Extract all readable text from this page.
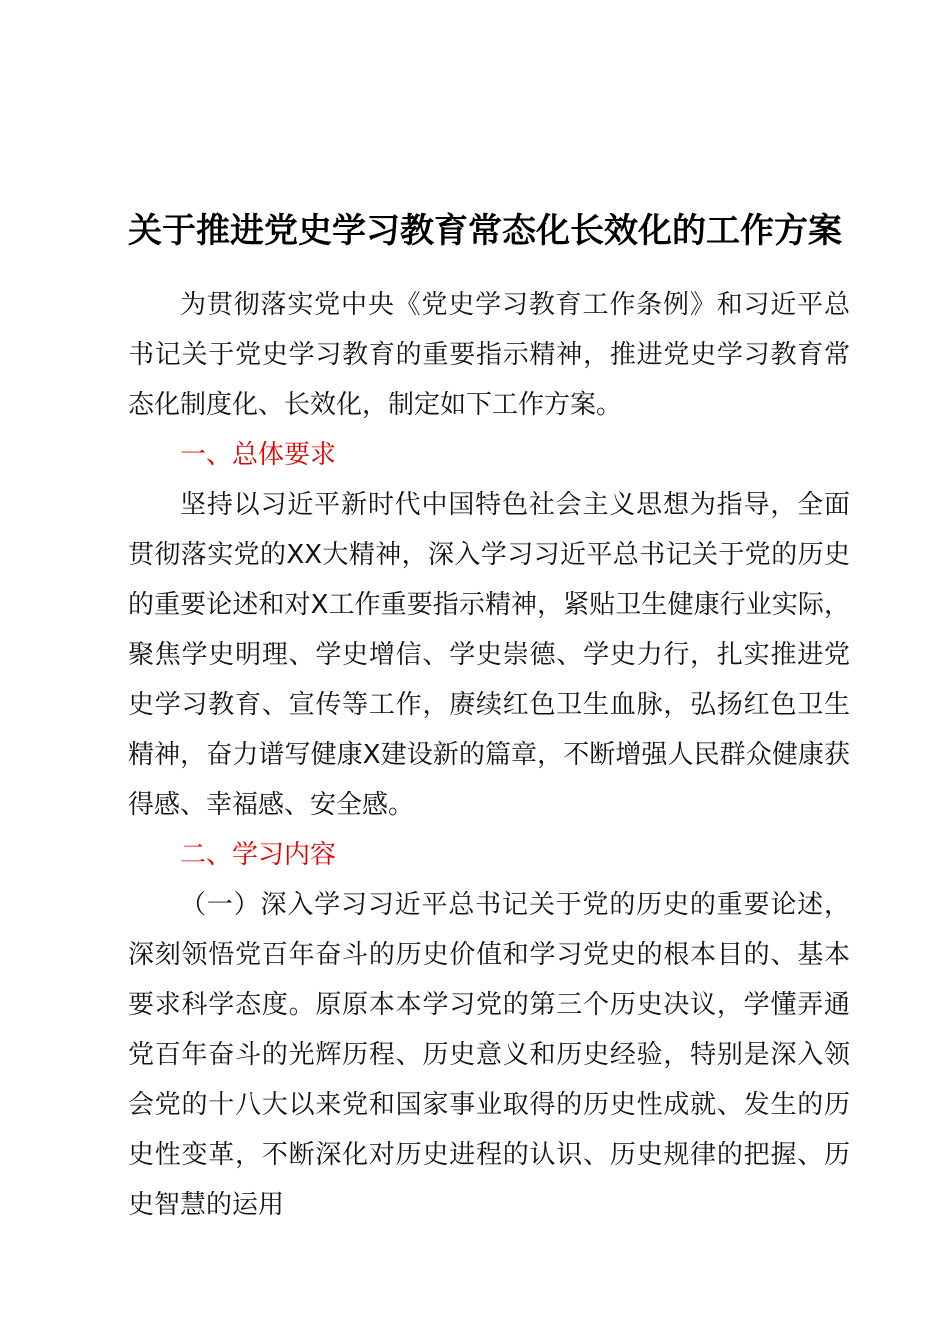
关于推进党史学习教育常态化长效化的工作方案

为贯彻落实党中央《党史学习教育工作条例》和习近平总书记关于党史学习教育的重要指示精神，推进党史学习教育常态化制度化、长效化，制定如下工作方案。

一、总体要求

坚持以习近平新时代中国特色社会主义思想为指导，全面贯彻落实党的XX大精神，深入学习习近平总书记关于党的历史的重要论述和对X工作重要指示精神，紧贴卫生健康行业实际，聚焦学史明理、学史增信、学史崇德、学史力行，扎实推进党史学习教育、宣传等工作，赓续红色卫生血脉，弘扬红色卫生精神，奋力谱写健康X建设新的篇章，不断增强人民群众健康获得感、幸福感、安全感。

二、学习内容

（一）深入学习习近平总书记关于党的历史的重要论述，深刻领悟党百年奋斗的历史价值和学习党史的根本目的、基本要求科学态度。原原本本学习党的第三个历史决议，学懂弄通党百年奋斗的光辉历程、历史意义和历史经验，特别是深入领会党的十八大以来党和国家事业取得的历史性成就、发生的历史性变革，不断深化对历史进程的认识、历史规律的把握、历史智慧的运用
